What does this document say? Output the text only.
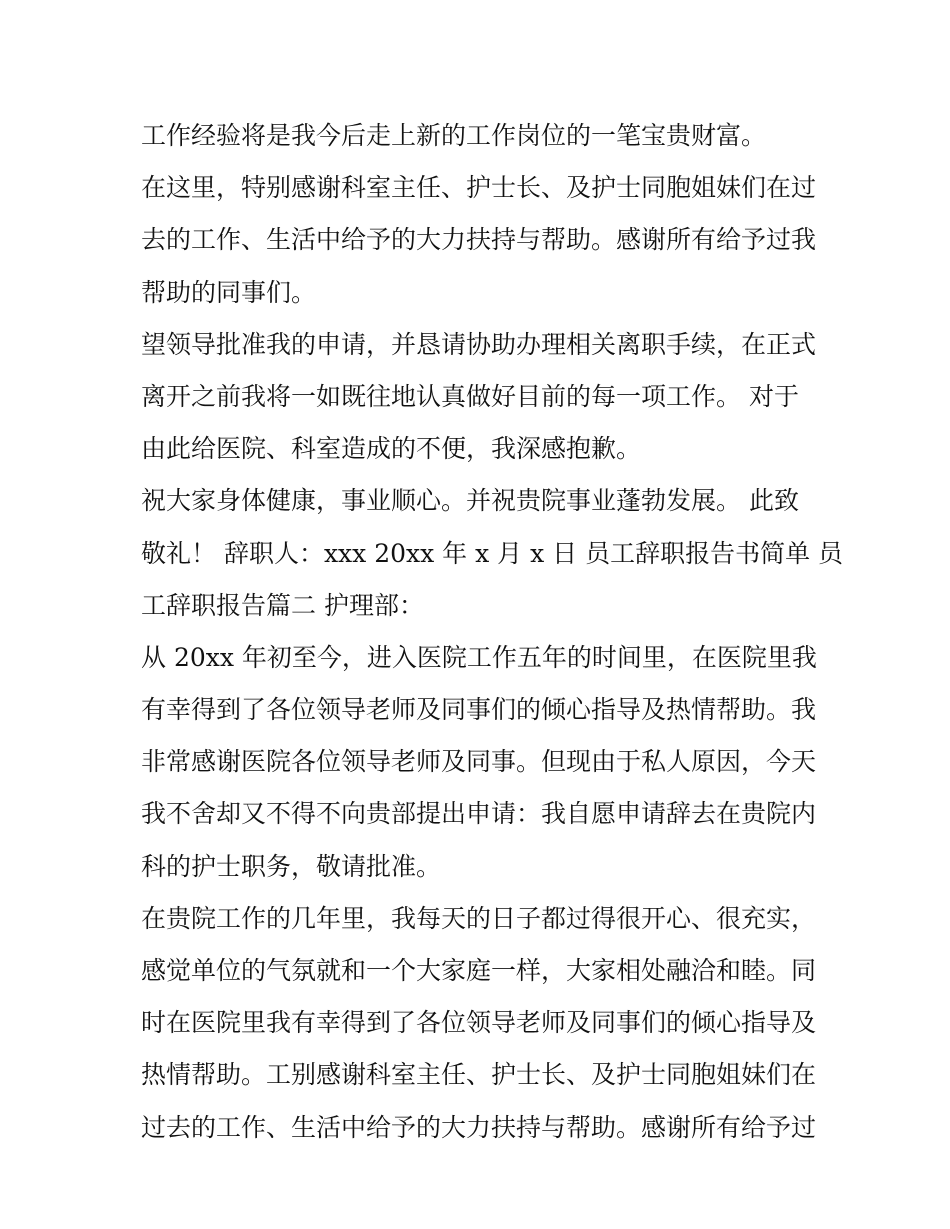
工作经验将是我今后走上新的工作岗位的一笔宝贵财富。
在这里，特别感谢科室主任、护士长、及护士同胞姐妹们在过
去的工作、生活中给予的大力扶持与帮助。感谢所有给予过我
帮助的同事们。
望领导批准我的申请，并恳请协助办理相关离职手续，在正式
离开之前我将一如既往地认真做好目前的每一项工作。 对于
由此给医院、科室造成的不便，我深感抱歉。
祝大家身体健康，事业顺心。并祝贵院事业蓬勃发展。 此致
敬礼！ 辞职人：xxx 20xx 年 x 月 x 日 员工辞职报告书简单 员
工辞职报告篇二 护理部：
从 20xx 年初至今，进入医院工作五年的时间里，在医院里我
有幸得到了各位领导老师及同事们的倾心指导及热情帮助。我
非常感谢医院各位领导老师及同事。但现由于私人原因，今天
我不舍却又不得不向贵部提出申请：我自愿申请辞去在贵院内
科的护士职务，敬请批准。
在贵院工作的几年里，我每天的日子都过得很开心、很充实，
感觉单位的气氛就和一个大家庭一样，大家相处融洽和睦。同
时在医院里我有幸得到了各位领导老师及同事们的倾心指导及
热情帮助。工别感谢科室主任、护士长、及护士同胞姐妹们在
过去的工作、生活中给予的大力扶持与帮助。感谢所有给予过
